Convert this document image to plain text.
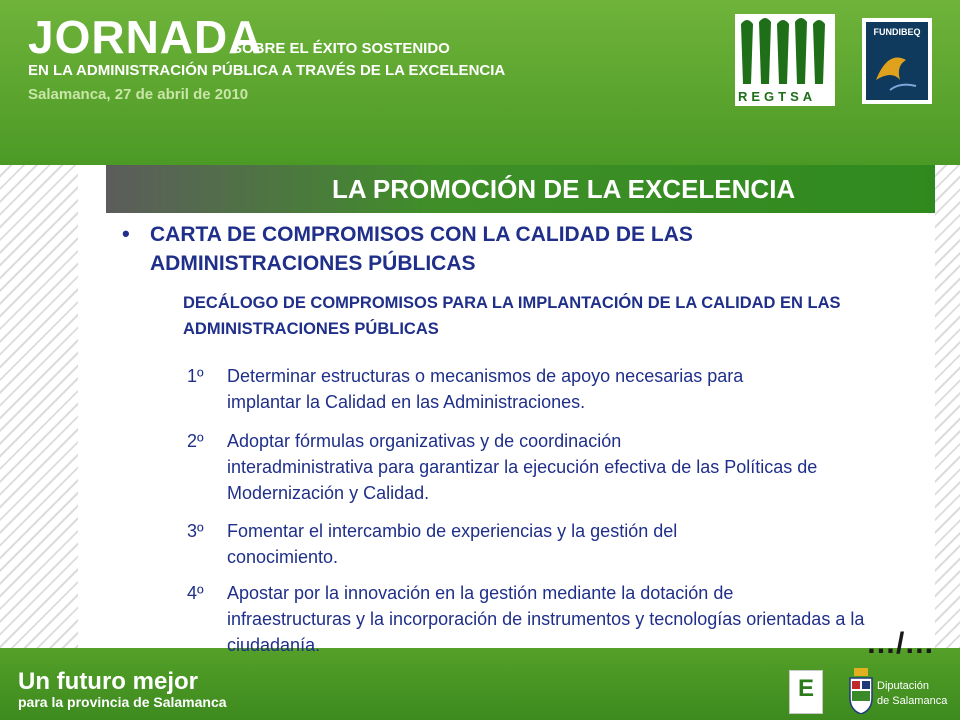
JORNADA
SOBRE EL ÉXITO SOSTENIDO
EN LA ADMINISTRACIÓN PÚBLICA A TRAVÉS DE LA EXCELENCIA
Salamanca, 27 de abril de 2010	REGTSA
FUNDIBEQ
LA PROMOCIÓN DE LA EXCELENCIA
• CARTA DE COMPROMISOS CON LA CALIDAD DE LAS ADMINISTRACIONES PÚBLICAS
DECÁLOGO DE COMPROMISOS PARA LA IMPLANTACIÓN DE LA CALIDAD EN LAS ADMINISTRACIONES PÚBLICAS
1º Determinar estructuras o mecanismos de apoyo necesarias para
implantar la Calidad en las Administraciones.
2º Adoptar fórmulas organizativas y de coordinación
interadministrativa para garantizar la ejecución efectiva de las Políticas de Modernización y Calidad.
3º Fomentar el intercambio de experiencias y la gestión del
conocimiento.
4º Apostar por la innovación en la gestión mediante la dotación de
infraestructuras y la incorporación de instrumentos y tecnologías orientadas a la ciudadanía.	…/…
Un futuro mejor
para la provincia de Salamanca	E	Diputación
de Salamanca
